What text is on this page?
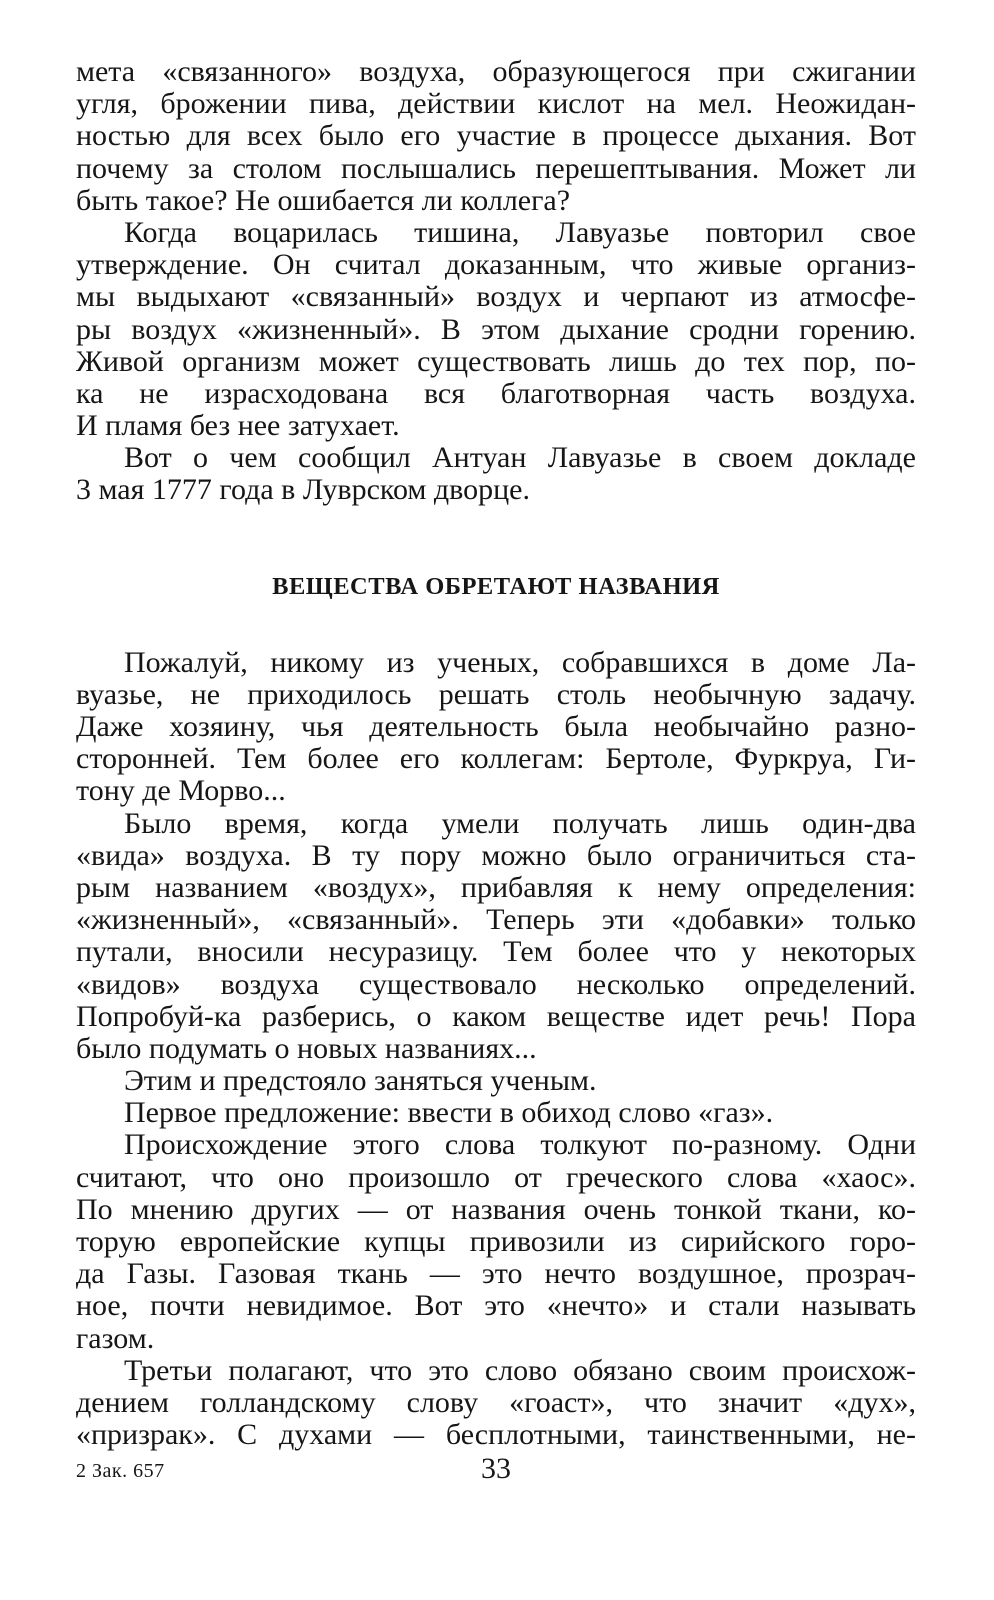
мета «связанного» воздуха, образующегося при сжигании
угля, брожении пива, действии кислот на мел. Неожидан-
ностью для всех было его участие в процессе дыхания. Вот
почему за столом послышались перешептывания. Может ли
быть такое? Не ошибается ли коллега?
Когда воцарилась тишина, Лавуазье повторил свое
утверждение. Он считал доказанным, что живые организ-
мы выдыхают «связанный» воздух и черпают из атмосфе-
ры воздух «жизненный». В этом дыхание сродни горению.
Живой организм может существовать лишь до тех пор, по-
ка не израсходована вся благотворная часть воздуха.
И пламя без нее затухает.
Вот о чем сообщил Антуан Лавуазье в своем докладе
3 мая 1777 года в Луврском дворце.
ВЕЩЕСТВА ОБРЕТАЮТ НАЗВАНИЯ
Пожалуй, никому из ученых, собравшихся в доме Ла-
вуазье, не приходилось решать столь необычную задачу.
Даже хозяину, чья деятельность была необычайно разно-
сторонней. Тем более его коллегам: Бертоле, Фуркруа, Ги-
тону де Морво...
Было время, когда умели получать лишь один-два
«вида» воздуха. В ту пору можно было ограничиться ста-
рым названием «воздух», прибавляя к нему определения:
«жизненный», «связанный». Теперь эти «добавки» только
путали, вносили несуразицу. Тем более что у некоторых
«видов» воздуха существовало несколько определений.
Попробуй-ка разберись, о каком веществе идет речь! Пора
было подумать о новых названиях...
Этим и предстояло заняться ученым.
Первое предложение: ввести в обиход слово «газ».
Происхождение этого слова толкуют по-разному. Одни
считают, что оно произошло от греческого слова «хаос».
По мнению других — от названия очень тонкой ткани, ко-
торую европейские купцы привозили из сирийского горо-
да Газы. Газовая ткань — это нечто воздушное, прозрач-
ное, почти невидимое. Вот это «нечто» и стали называть
газом.
Третьи полагают, что это слово обязано своим происхож-
дением голландскому слову «гоаст», что значит «дух»,
«призрак». С духами — бесплотными, таинственными, не-
2 Зак. 657	33
